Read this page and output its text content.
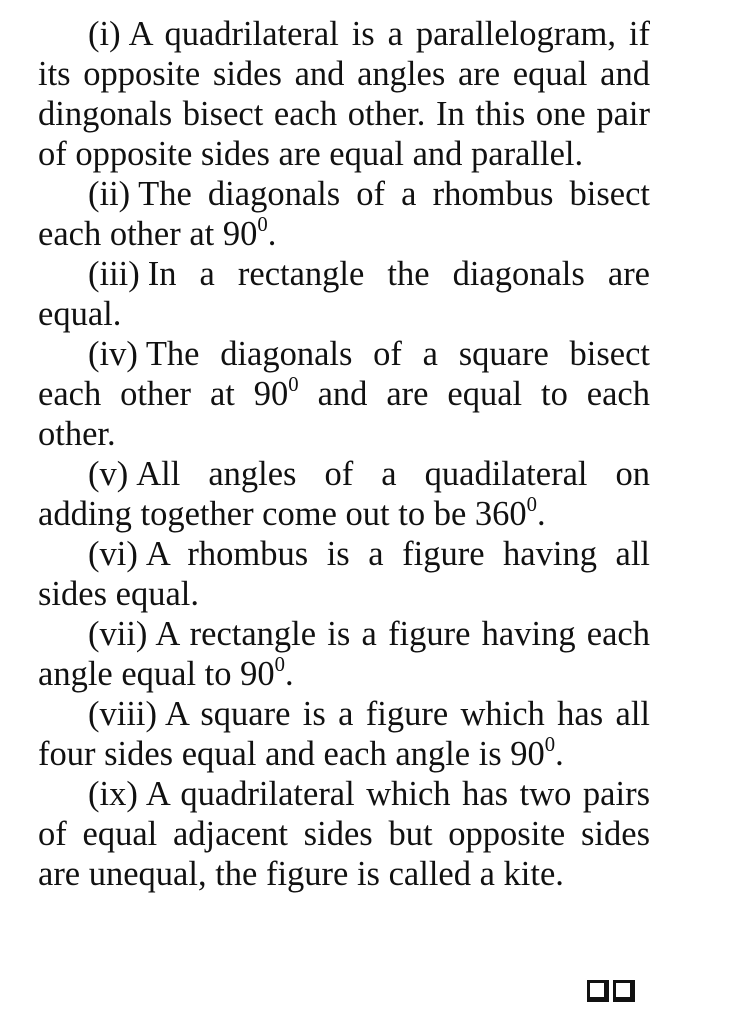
(i) A quadrilateral is a parallelogram, if its opposite sides and angles are equal and dingonals bisect each other. In this one pair of opposite sides are equal and parallel.

(ii) The diagonals of a rhombus bisect each other at $90^0$.

(iii) In a rectangle the diagonals are equal.

(iv) The diagonals of a square bisect each other at $90^0$ and are equal to each other.

(v) All angles of a quadilateral on adding together come out to be $360^0$.

(vi) A rhombus is a figure having all sides equal.

(vii) A rectangle is a figure having each angle equal to $90^0$.

(viii) A square is a figure which has all four sides equal and each angle is $90^0$.

(ix) A quadrilateral which has two pairs of equal adjacent sides but opposite sides are unequal, the figure is called a kite.
